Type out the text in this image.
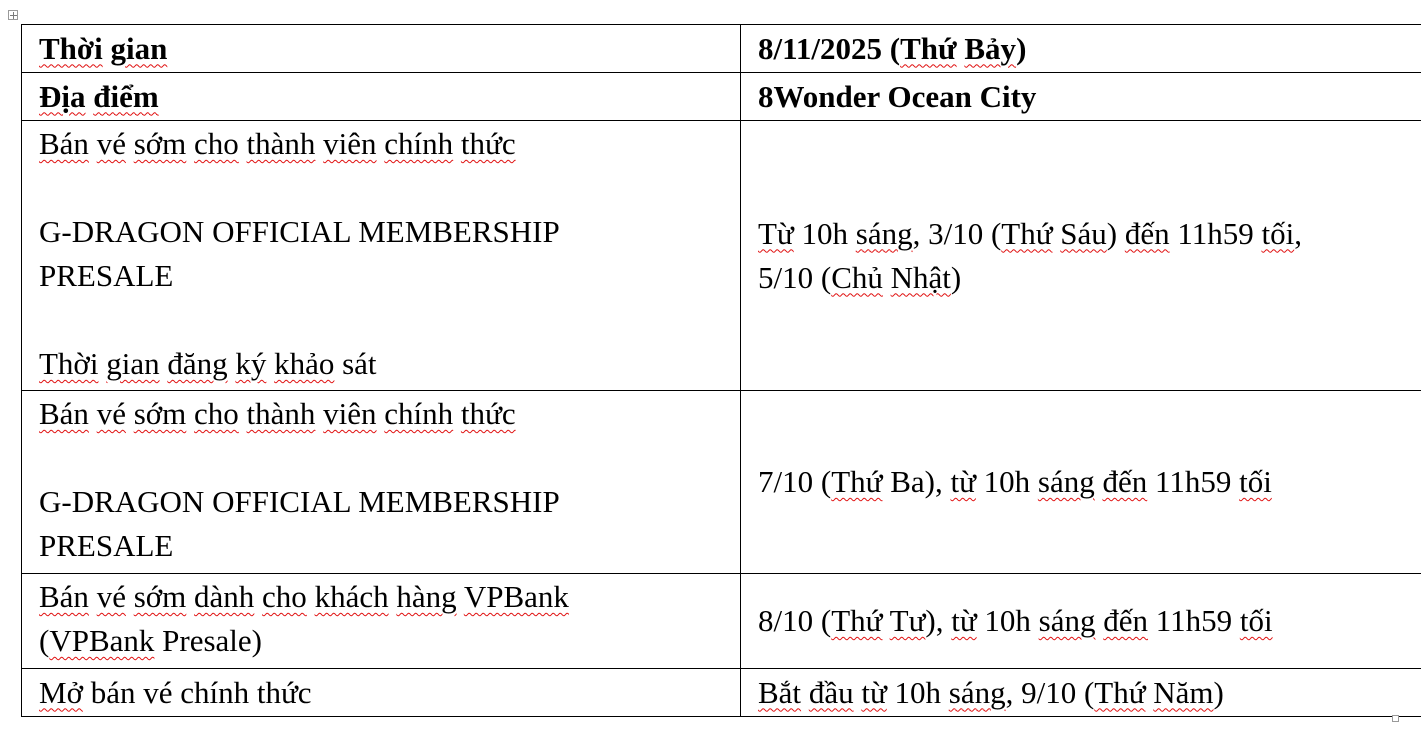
Thời gian	8/11/2025 (Thứ Bảy)
Địa điểm	8Wonder Ocean City

Bán vé sớm cho thành viên chính thức
G-DRAGON OFFICIAL MEMBERSHIP
PRESALE
Thời gian đăng ký khảo sát	Từ 10h sáng, 3/10 (Thứ Sáu) đến 11h59 tối,
5/10 (Chủ Nhật)

Bán vé sớm cho thành viên chính thức
G-DRAGON OFFICIAL MEMBERSHIP
PRESALE	7/10 (Thứ Ba), từ 10h sáng đến 11h59 tối

Bán vé sớm dành cho khách hàng VPBank
(VPBank Presale)	8/10 (Thứ Tư), từ 10h sáng đến 11h59 tối

Mở bán vé chính thức	Bắt đầu từ 10h sáng, 9/10 (Thứ Năm)
